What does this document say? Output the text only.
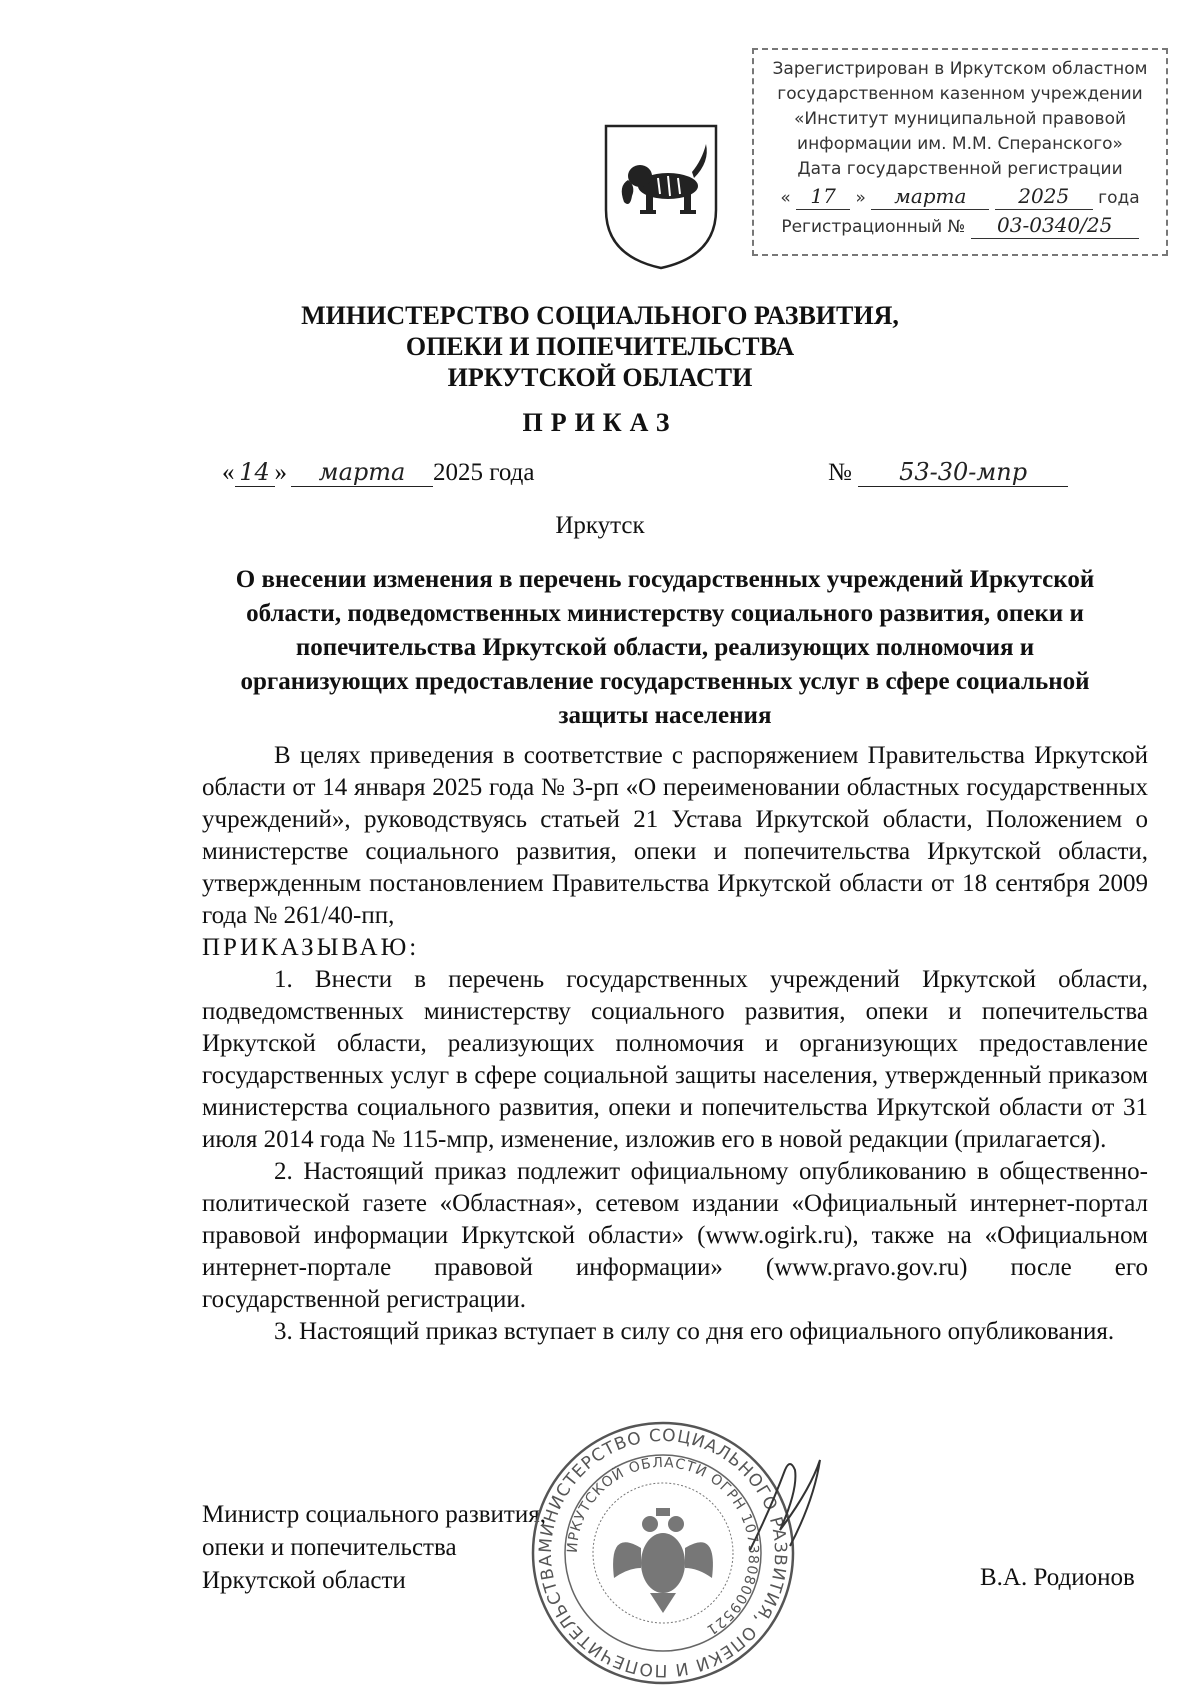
Зарегистрирован в Иркутском областном
государственном казенном учреждении
«Институт муниципальной правовой
информации им. М.М. Сперанского»
Дата государственной регистрации
« 17 » марта	2025 года
Регистрационный № 03-0340/25
МИНИСТЕРСТВО СОЦИАЛЬНОГО РАЗВИТИЯ,
ОПЕКИ И ПОПЕЧИТЕЛЬСТВА
ИРКУТСКОЙ ОБЛАСТИ
ПРИКАЗ
« 14 » марта 2025 года	№ 53-30-мпр
Иркутск
О внесении изменения в перечень государственных учреждений Иркутской области, подведомственных министерству социального развития, опеки и попечительства Иркутской области, реализующих полномочия и организующих предоставление государственных услуг в сфере социальной защиты населения

В целях приведения в соответствие с распоряжением Правительства Иркутской области от 14 января 2025 года № 3-рп «О переименовании областных государственных учреждений», руководствуясь статьей 21 Устава Иркутской области, Положением о министерстве социального развития, опеки и попечительства Иркутской области, утвержденным постановлением Правительства Иркутской области от 18 сентября 2009 года № 261/40-пп,

ПРИКАЗЫВАЮ:

1. Внести в перечень государственных учреждений Иркутской области, подведомственных министерству социального развития, опеки и попечительства Иркутской области, реализующих полномочия и организующих предоставление государственных услуг в сфере социальной защиты населения, утвержденный приказом министерства социального развития, опеки и попечительства Иркутской области от 31 июля 2014 года № 115-мпр, изменение, изложив его в новой редакции (прилагается).

2. Настоящий приказ подлежит официальному опубликованию в общественно-политической газете «Областная», сетевом издании «Официальный интернет-портал правовой информации Иркутской области» (www.ogirk.ru), также на «Официальном интернет-портале правовой информации» (www.pravo.gov.ru) после его государственной регистрации.

3. Настоящий приказ вступает в силу со дня его официального опубликования.

Министр социального развития,
опеки и попечительства
Иркутской области	В.А. Родионов
МИНИСТЕРСТВО СОЦИАЛЬНОГО РАЗВИТИЯ, ОПЕКИ И ПОПЕЧИТЕЛЬСТВА
ИРКУТСКОЙ ОБЛАСТИ ОГРН 1073808009521
